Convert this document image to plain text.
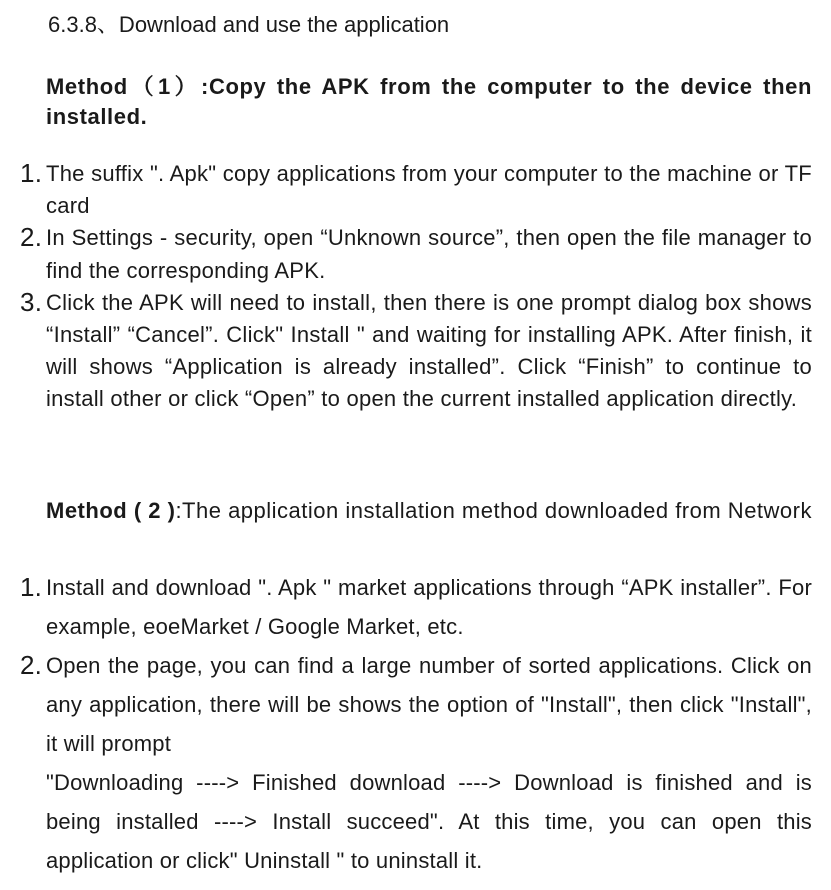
6.3.8、Download and use the application

Method（1）:Copy the APK from the computer to the device then installed.

1. The suffix ". Apk" copy applications from your computer to the machine or TF card
2. In Settings - security, open “Unknown source”, then open the file manager to find the corresponding APK.
3. Click the APK will need to install, then there is one prompt dialog box shows “Install” “Cancel”. Click" Install " and waiting for installing APK. After finish, it will shows “Application is already installed”. Click “Finish” to continue to install other or click “Open” to open the current installed application directly.

Method ( 2 ):The application installation method downloaded from Network

1. Install and download ". Apk " market applications through “APK installer”. For example, eoeMarket / Google Market, etc.
2. Open the page, you can find a large number of sorted applications. Click on any application, there will be shows the option of "Install", then click "Install", it will prompt
"Downloading ----> Finished download ----> Download is finished and is being installed ----> Install succeed". At this time, you can open this application or click" Uninstall " to uninstall it.
